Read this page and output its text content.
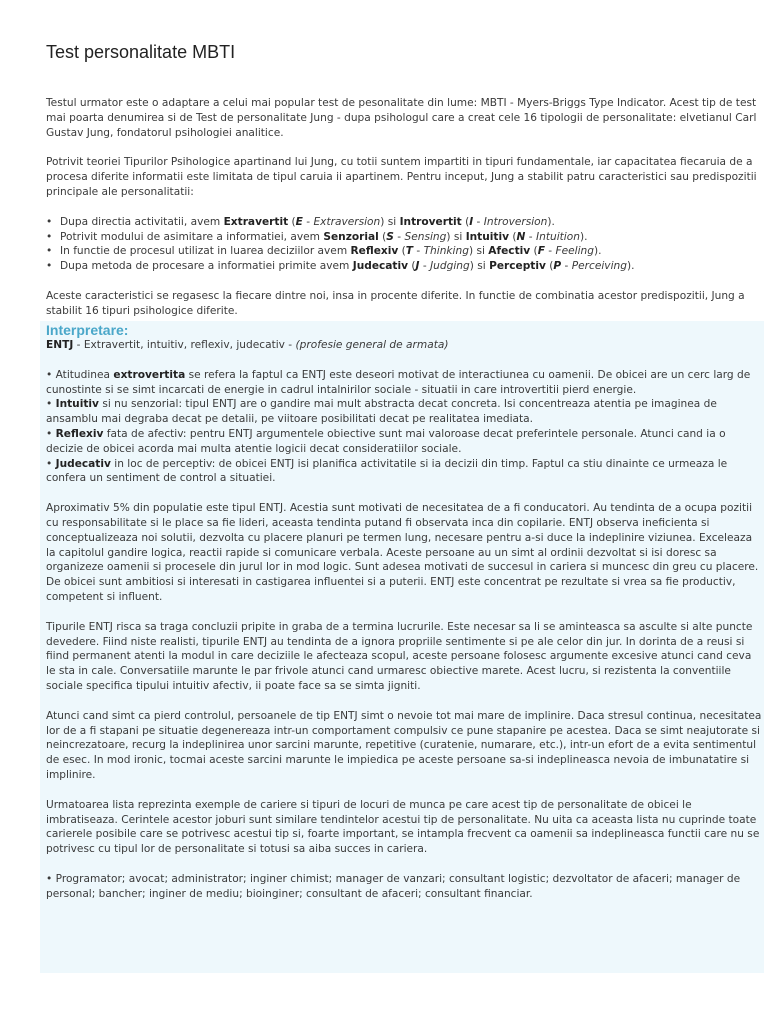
Test personalitate MBTI

Testul urmator este o adaptare a celui mai popular test de pesonalitate din lume: MBTI - Myers-Briggs Type Indicator. Acest tip de test mai poarta denumirea si de Test de personalitate Jung - dupa psihologul care a creat cele 16 tipologii de personalitate: elvetianul Carl Gustav Jung, fondatorul psihologiei analitice.

Potrivit teoriei Tipurilor Psihologice apartinand lui Jung, cu totii suntem impartiti in tipuri fundamentale, iar capacitatea fiecaruia de a procesa diferite informatii este limitata de tipul caruia ii apartinem. Pentru inceput, Jung a stabilit patru caracteristici sau predispozitii principale ale personalitatii:

• Dupa directia activitatii, avem Extravertit (E - Extraversion) si Introvertit (I - Introversion).
• Potrivit modului de asimitare a informatiei, avem Senzorial (S - Sensing) si Intuitiv (N - Intuition).
• In functie de procesul utilizat in luarea deciziilor avem Reflexiv (T - Thinking) si Afectiv (F - Feeling).
• Dupa metoda de procesare a informatiei primite avem Judecativ (J - Judging) si Perceptiv (P - Perceiving).

Aceste caracteristici se regasesc la fiecare dintre noi, insa in procente diferite. In functie de combinatia acestor predispozitii, Jung a stabilit 16 tipuri psihologice diferite.

Interpretare:

ENTJ - Extravertit, intuitiv, reflexiv, judecativ - (profesie general de armata)

• Atitudinea extrovertita se refera la faptul ca ENTJ este deseori motivat de interactiunea cu oamenii. De obicei are un cerc larg de cunostinte si se simt incarcati de energie in cadrul intalnirilor sociale - situatii in care introvertitii pierd energie.

• Intuitiv si nu senzorial: tipul ENTJ are o gandire mai mult abstracta decat concreta. Isi concentreaza atentia pe imaginea de ansamblu mai degraba decat pe detalii, pe viitoare posibilitati decat pe realitatea imediata.

• Reflexiv fata de afectiv: pentru ENTJ argumentele obiective sunt mai valoroase decat preferintele personale. Atunci cand ia o decizie de obicei acorda mai multa atentie logicii decat consideratiilor sociale.

• Judecativ in loc de perceptiv: de obicei ENTJ isi planifica activitatile si ia decizii din timp. Faptul ca stiu dinainte ce urmeaza le confera un sentiment de control a situatiei.

Aproximativ 5% din populatie este tipul ENTJ. Acestia sunt motivati de necesitatea de a fi conducatori. Au tendinta de a ocupa pozitii cu responsabilitate si le place sa fie lideri, aceasta tendinta putand fi observata inca din copilarie. ENTJ observa ineficienta si conceptualizeaza noi solutii, dezvolta cu placere planuri pe termen lung, necesare pentru a-si duce la indeplinire viziunea. Exceleaza la capitolul gandire logica, reactii rapide si comunicare verbala. Aceste persoane au un simt al ordinii dezvoltat si isi doresc sa organizeze oamenii si procesele din jurul lor in mod logic. Sunt adesea motivati de succesul in cariera si muncesc din greu cu placere. De obicei sunt ambitiosi si interesati in castigarea influentei si a puterii. ENTJ este concentrat pe rezultate si vrea sa fie productiv, competent si influent.

Tipurile ENTJ risca sa traga concluzii pripite in graba de a termina lucrurile. Este necesar sa li se aminteasca sa asculte si alte puncte devedere. Fiind niste realisti, tipurile ENTJ au tendinta de a ignora propriile sentimente si pe ale celor din jur. In dorinta de a reusi si fiind permanent atenti la modul in care deciziile le afecteaza scopul, aceste persoane folosesc argumente excesive atunci cand ceva le sta in cale. Conversatiile marunte le par frivole atunci cand urmaresc obiective marete. Acest lucru, si rezistenta la conventiile sociale specifica tipului intuitiv afectiv, ii poate face sa se simta jigniti.

Atunci cand simt ca pierd controlul, persoanele de tip ENTJ simt o nevoie tot mai mare de implinire. Daca stresul continua, necesitatea lor de a fi stapani pe situatie degenereaza intr-un comportament compulsiv ce pune stapanire pe acestea. Daca se simt neajutorate si neincrezatoare, recurg la indeplinirea unor sarcini marunte, repetitive (curatenie, numarare, etc.), intr-un efort de a evita sentimentul de esec. In mod ironic, tocmai aceste sarcini marunte le impiedica pe aceste persoane sa-si indeplineasca nevoia de imbunatatire si implinire.

Urmatoarea lista reprezinta exemple de cariere si tipuri de locuri de munca pe care acest tip de personalitate de obicei le imbratiseaza. Cerintele acestor joburi sunt similare tendintelor acestui tip de personalitate. Nu uita ca aceasta lista nu cuprinde toate carierele posibile care se potrivesc acestui tip si, foarte important, se intampla frecvent ca oamenii sa indeplineasca functii care nu se potrivesc cu tipul lor de personalitate si totusi sa aiba succes in cariera.

• Programator; avocat; administrator; inginer chimist; manager de vanzari; consultant logistic; dezvoltator de afaceri; manager de personal; bancher; inginer de mediu; bioinginer; consultant de afaceri; consultant financiar.
